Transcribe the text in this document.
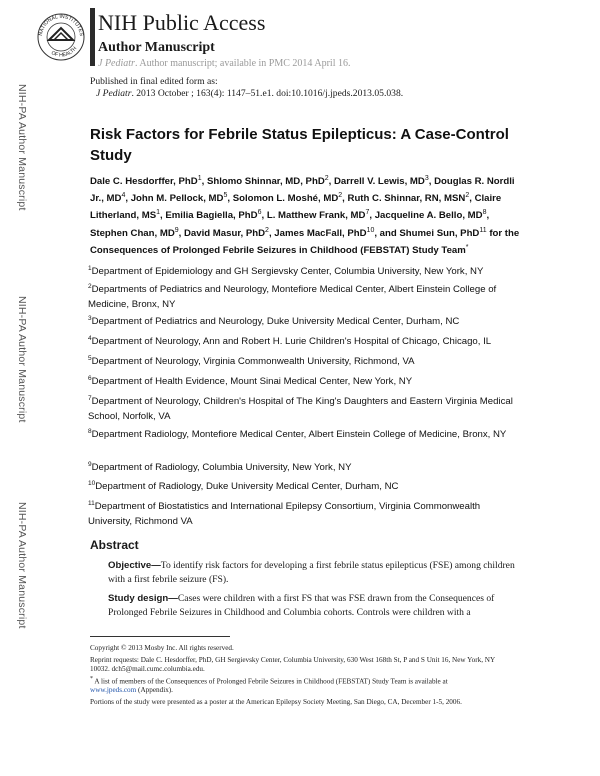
NATIONAL INSTITUTES
OF HEALTH
NIH Public Access
Author Manuscript
J Pediatr. Author manuscript; available in PMC 2014 April 16.
Published in final edited form as:
J Pediatr. 2013 October ; 163(4): 1147–51.e1. doi:10.1016/j.jpeds.2013.05.038.
NIH-PA Author Manuscript
NIH-PA Author Manuscript
NIH-PA Author Manuscript
Risk Factors for Febrile Status Epilepticus: A Case-Control Study
Dale C. Hesdorffer, PhD$^1$, Shlomo Shinnar, MD, PhD$^2$, Darrell V. Lewis, $MD^3$, Douglas R. Nordli Jr., $MD^4$, John M. Pellock, $MD^5$, Solomon L. Moshé, $MD^2$, Ruth C. Shinnar, RN, MSN$^2$, Claire Litherland, $MS^1$, Emilia Bagiella, PhD$^6$, L. Matthew Frank, $MD^7$, Jacqueline A. Bello, $MD^8$, Stephen Chan, $MD^9$, David Masur, PhD$^2$, James MacFall, PhD$^{10}$, and Shumei Sun, PhD$^{11}$ for the Consequences of Prolonged Febrile Seizures in Childhood (FEBSTAT) Study Team*
$^1$Department of Epidemiology and GH Sergievsky Center, Columbia University, New York, NY
$^2$Departments of Pediatrics and Neurology, Montefiore Medical Center, Albert Einstein College of Medicine, Bronx, NY
$^3$Department of Pediatrics and Neurology, Duke University Medical Center, Durham, NC
$^4$Department of Neurology, Ann and Robert H. Lurie Children's Hospital of Chicago, Chicago, IL
$^5$Department of Neurology, Virginia Commonwealth University, Richmond, VA
$^6$Department of Health Evidence, Mount Sinai Medical Center, New York, NY
$^7$Department of Neurology, Children's Hospital of The King's Daughters and Eastern Virginia Medical School, Norfolk, VA
$^8$Department Radiology, Montefiore Medical Center, Albert Einstein College of Medicine, Bronx, NY
$^9$Department of Radiology, Columbia University, New York, NY
$^{10}$Department of Radiology, Duke University Medical Center, Durham, NC
$^{11}$Department of Biostatistics and International Epilepsy Consortium, Virginia Commonwealth University, Richmond VA
Abstract
Objective—To identify risk factors for developing a first febrile status epilepticus (FSE) among children with a first febrile seizure (FS).
Study design—Cases were children with a first FS that was FSE drawn from the Consequences of Prolonged Febrile Seizures in Childhood and Columbia cohorts. Controls were children with a
Copyright © 2013 Mosby Inc. All rights reserved.
Reprint requests: Dale C. Hesdorffer, PhD, GH Sergievsky Center, Columbia University, 630 West 168th St, P and S Unit 16, New York, NY 10032. dch5@mail.cumc.columbia.edu.
* A list of members of the Consequences of Prolonged Febrile Seizures in Childhood (FEBSTAT) Study Team is available at
www.jpeds.com (Appendix).
Portions of the study were presented as a poster at the American Epilepsy Society Meeting, San Diego, CA, December 1-5, 2006.
